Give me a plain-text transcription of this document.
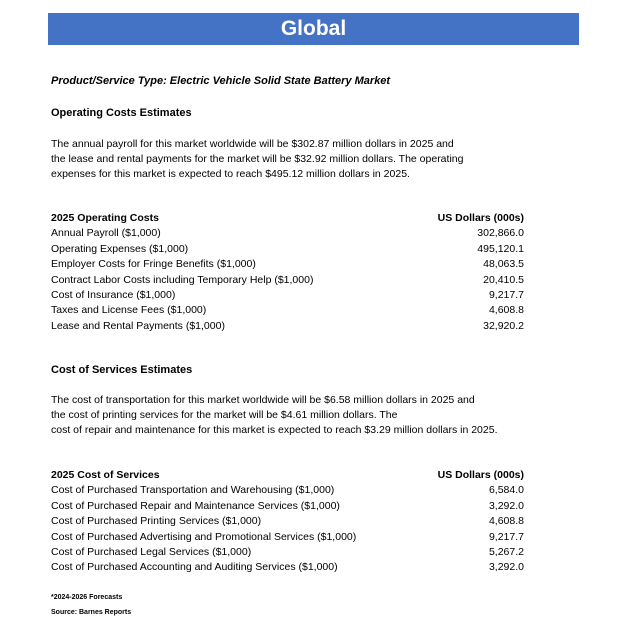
Global
Product/Service Type: Electric Vehicle Solid State Battery Market
Operating Costs Estimates
The annual payroll for this market worldwide will be $302.87 million dollars in 2025 and
the lease and rental payments for the market will be $32.92 million dollars. The operating
expenses for this market is expected to reach $495.12 million dollars in 2025.
2025 Operating Costs	US Dollars (000s)
Annual Payroll ($1,000)	302,866.0
Operating Expenses ($1,000)	495,120.1
Employer Costs for Fringe Benefits ($1,000)	48,063.5
Contract Labor Costs including Temporary Help ($1,000)	20,410.5
Cost of Insurance ($1,000)	9,217.7
Taxes and License Fees ($1,000)	4,608.8
Lease and Rental Payments ($1,000)	32,920.2
Cost of Services Estimates
The cost of transportation for this market worldwide will be $6.58 million dollars in 2025 and
the cost of printing services for the market will be $4.61 million dollars. The
cost of repair and maintenance for this market is expected to reach $3.29 million dollars in 2025.
2025 Cost of Services	US Dollars (000s)
Cost of Purchased Transportation and Warehousing ($1,000)	6,584.0
Cost of Purchased Repair and Maintenance Services ($1,000)	3,292.0
Cost of Purchased Printing Services ($1,000)	4,608.8
Cost of Purchased Advertising and Promotional Services ($1,000)	9,217.7
Cost of Purchased Legal Services ($1,000)	5,267.2
Cost of Purchased Accounting and Auditing Services ($1,000)	3,292.0
*2024-2026 Forecasts
Source: Barnes Reports
